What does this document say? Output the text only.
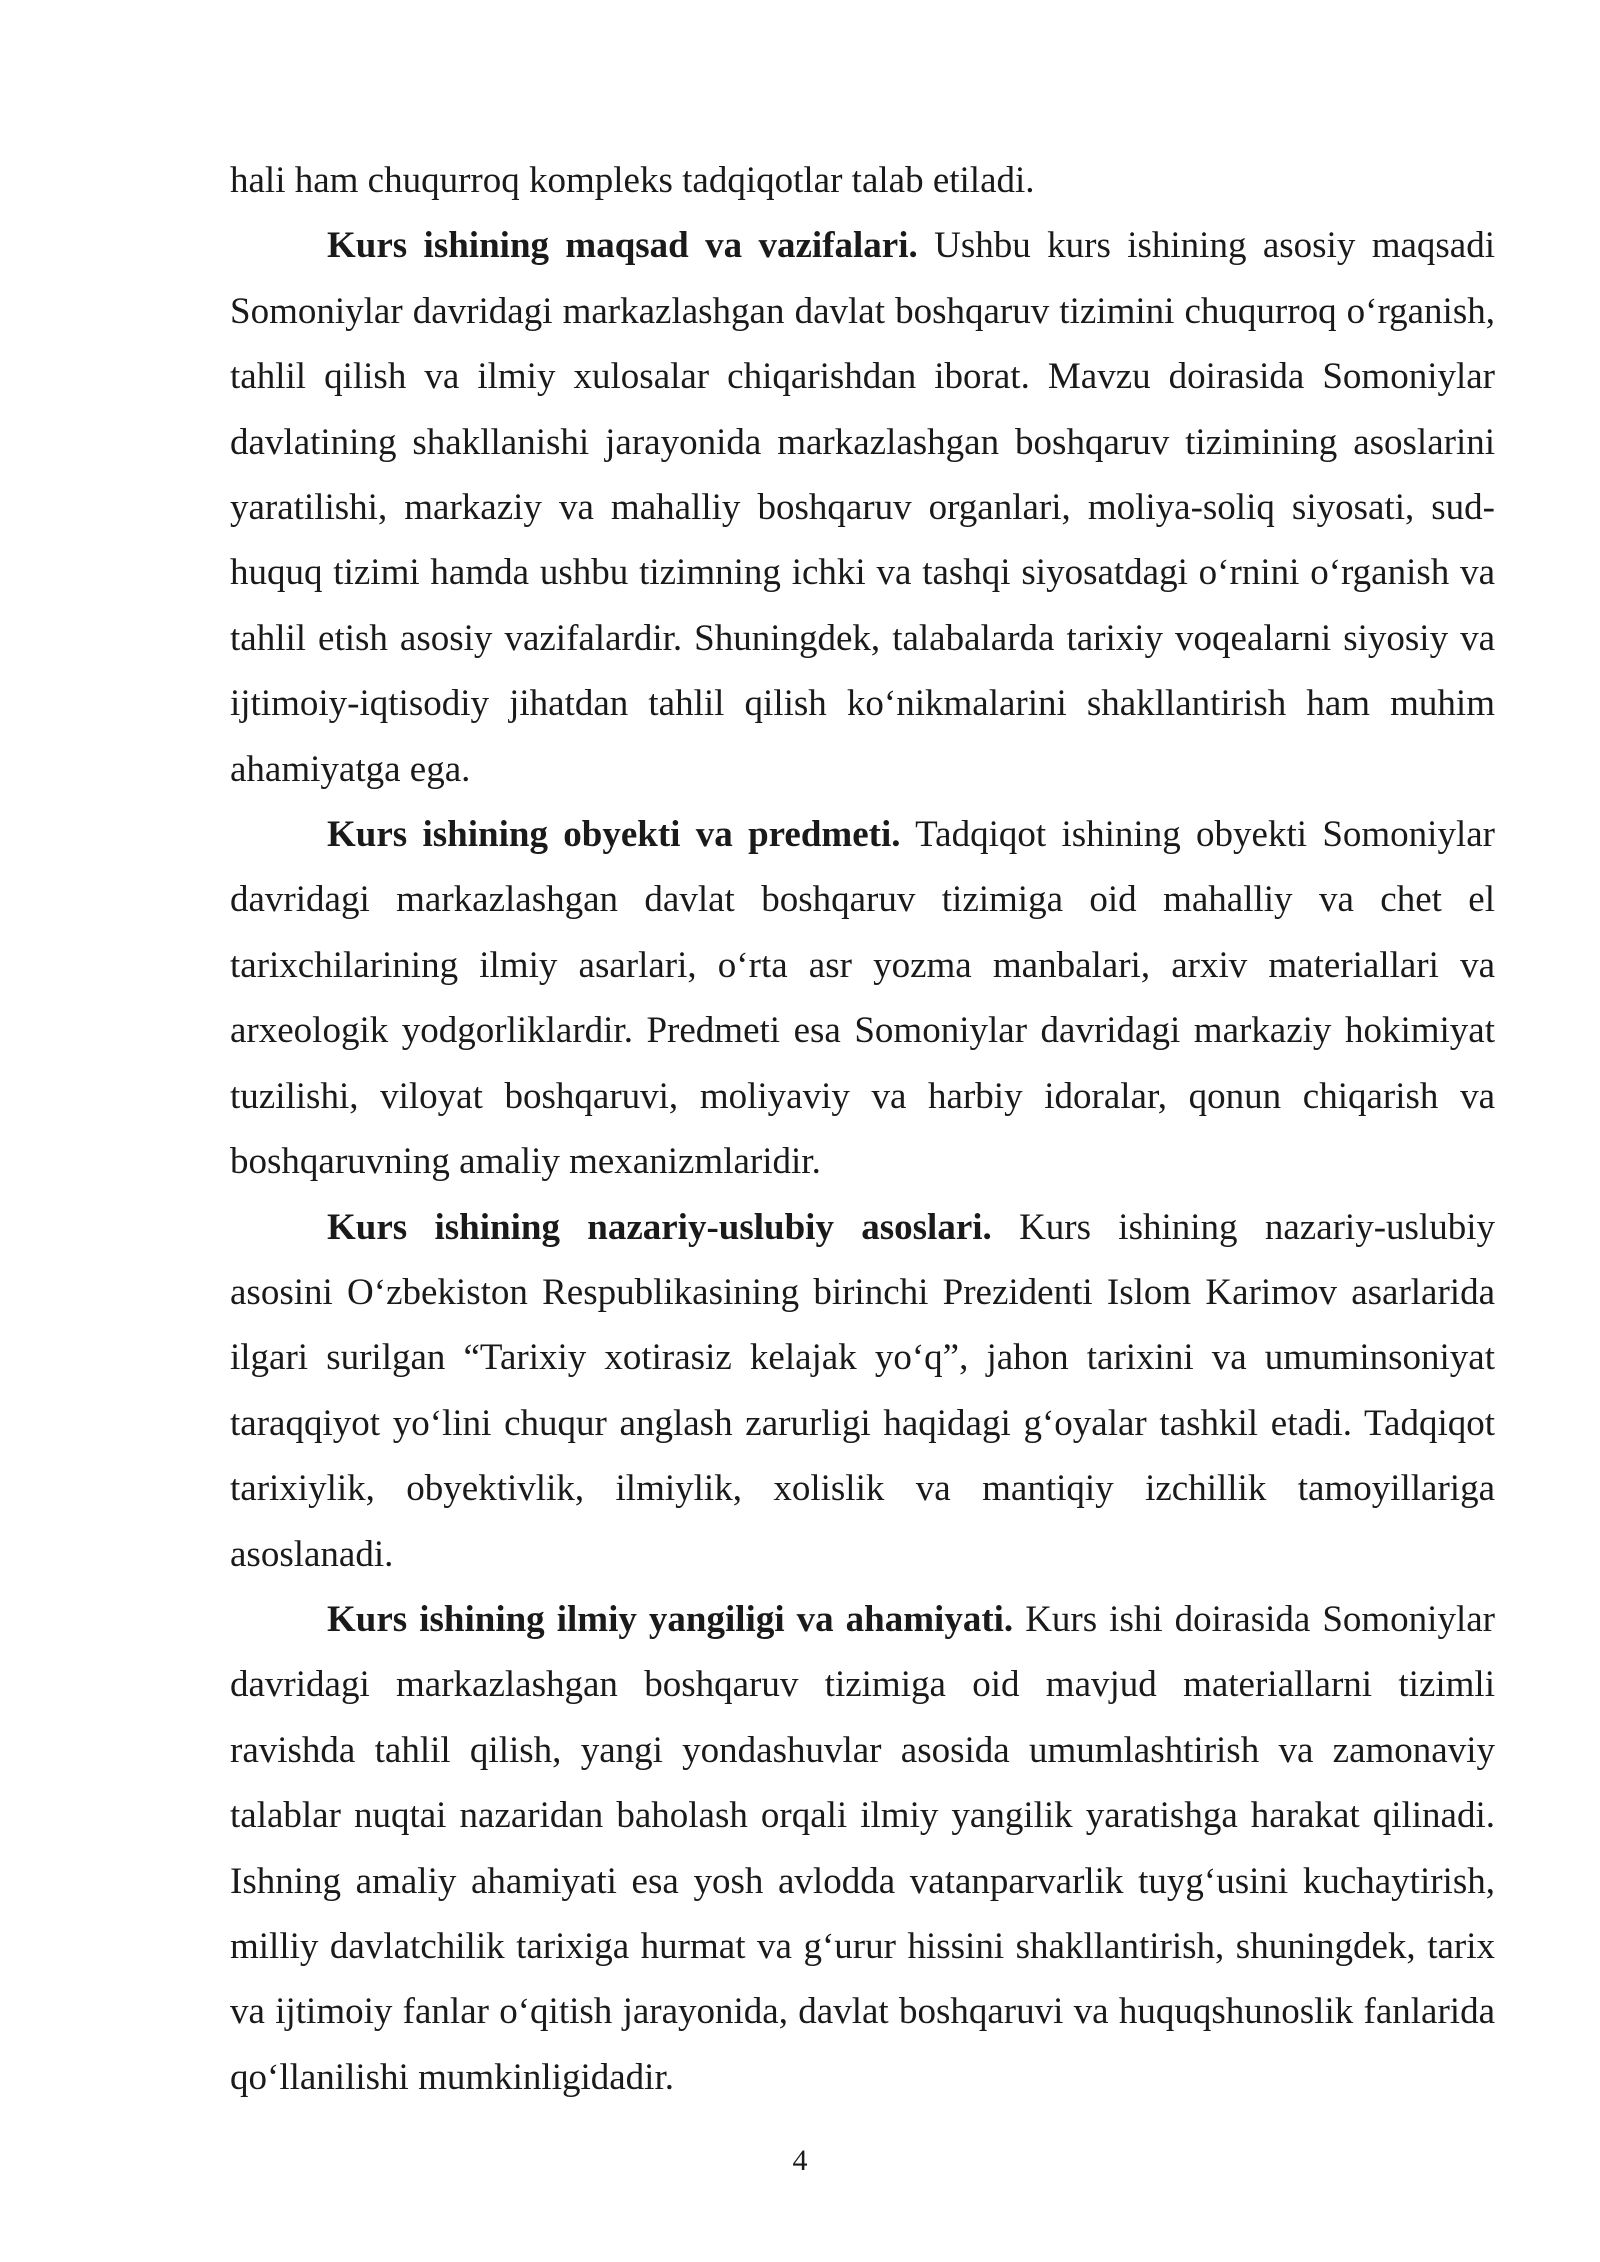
hali ham chuqurroq kompleks tadqiqotlar talab etiladi.

Kurs ishining maqsad va vazifalari. Ushbu kurs ishining asosiy maqsadi Somoniylar davridagi markazlashgan davlat boshqaruv tizimini chuqurroq o‘rganish, tahlil qilish va ilmiy xulosalar chiqarishdan iborat. Mavzu doirasida Somoniylar davlatining shakllanishi jarayonida markazlashgan boshqaruv tizimining asoslarini yaratilishi, markaziy va mahalliy boshqaruv organlari, moliya-soliq siyosati, sud-huquq tizimi hamda ushbu tizimning ichki va tashqi siyosatdagi o‘rnini o‘rganish va tahlil etish asosiy vazifalardir. Shuningdek, talabalarda tarixiy voqealarni siyosiy va ijtimoiy-iqtisodiy jihatdan tahlil qilish ko‘nikmalarini shakllantirish ham muhim ahamiyatga ega.

Kurs ishining obyekti va predmeti. Tadqiqot ishining obyekti Somoniylar davridagi markazlashgan davlat boshqaruv tizimiga oid mahalliy va chet el tarixchilarining ilmiy asarlari, o‘rta asr yozma manbalari, arxiv materiallari va arxeologik yodgorliklardir. Predmeti esa Somoniylar davridagi markaziy hokimiyat tuzilishi, viloyat boshqaruvi, moliyaviy va harbiy idoralar, qonun chiqarish va boshqaruvning amaliy mexanizmlaridir.

Kurs ishining nazariy-uslubiy asoslari. Kurs ishining nazariy-uslubiy asosini O‘zbekiston Respublikasining birinchi Prezidenti Islom Karimov asarlarida ilgari surilgan “Tarixiy xotirasiz kelajak yo‘q”, jahon tarixini va umuminsoniyat taraqqiyot yo‘lini chuqur anglash zarurligi haqidagi g‘oyalar tashkil etadi. Tadqiqot tarixiylik, obyektivlik, ilmiylik, xolislik va mantiqiy izchillik tamoyillariga asoslanadi.

Kurs ishining ilmiy yangiligi va ahamiyati. Kurs ishi doirasida Somoniylar davridagi markazlashgan boshqaruv tizimiga oid mavjud materiallarni tizimli ravishda tahlil qilish, yangi yondashuvlar asosida umumlashtirish va zamonaviy talablar nuqtai nazaridan baholash orqali ilmiy yangilik yaratishga harakat qilinadi. Ishning amaliy ahamiyati esa yosh avlodda vatanparvarlik tuyg‘usini kuchaytirish, milliy davlatchilik tarixiga hurmat va g‘urur hissini shakllantirish, shuningdek, tarix va ijtimoiy fanlar o‘qitish jarayonida, davlat boshqaruvi va huquqshunoslik fanlarida qo‘llanilishi mumkinligidadir.

4
